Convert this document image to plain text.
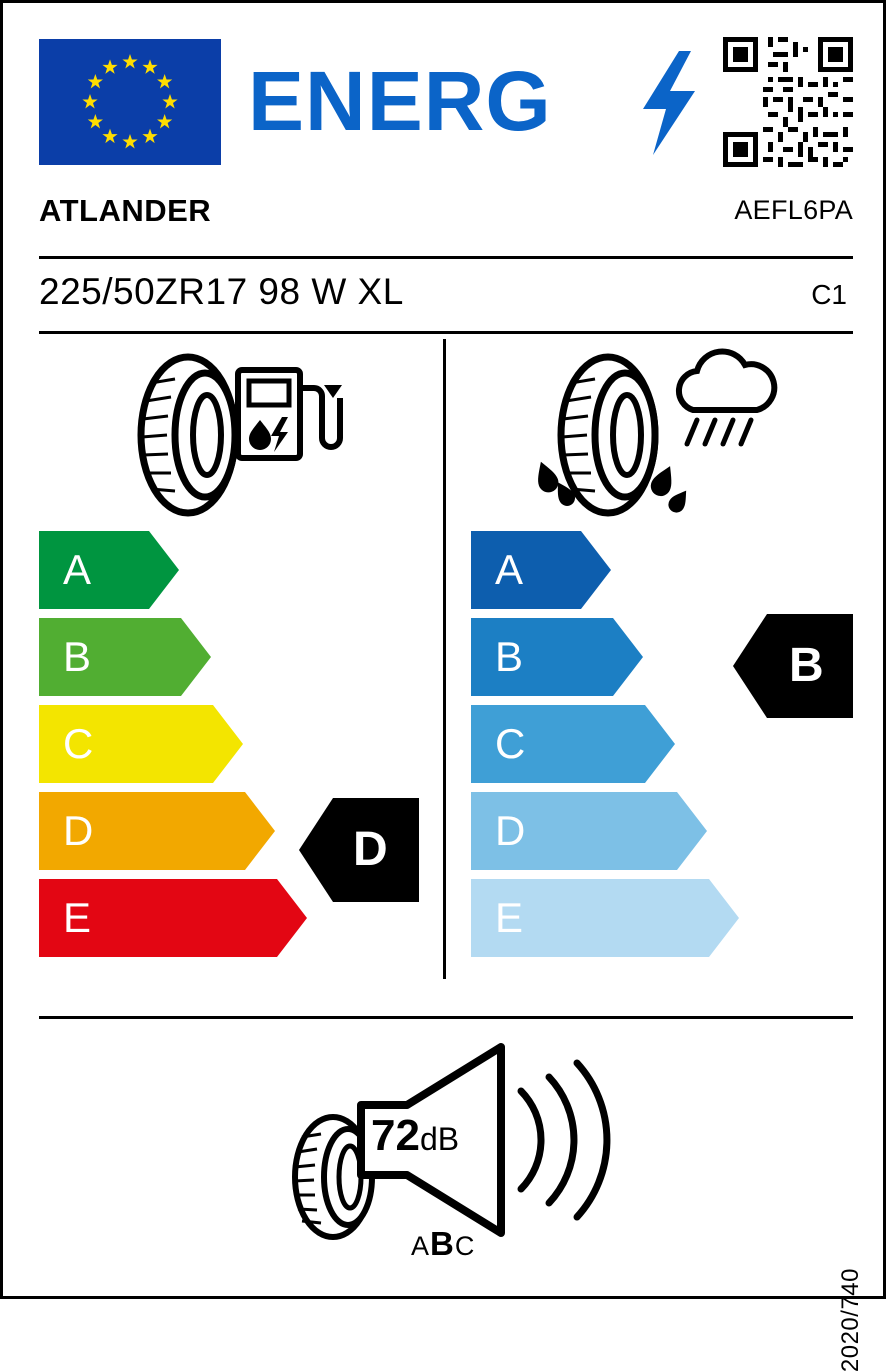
ENERG
ATLANDER	AEFL6PA
225/50ZR17 98 W XL	C1
A
B
C
D
E
D
A
B
C
D
E
B
72dB
ABC
2020/740
